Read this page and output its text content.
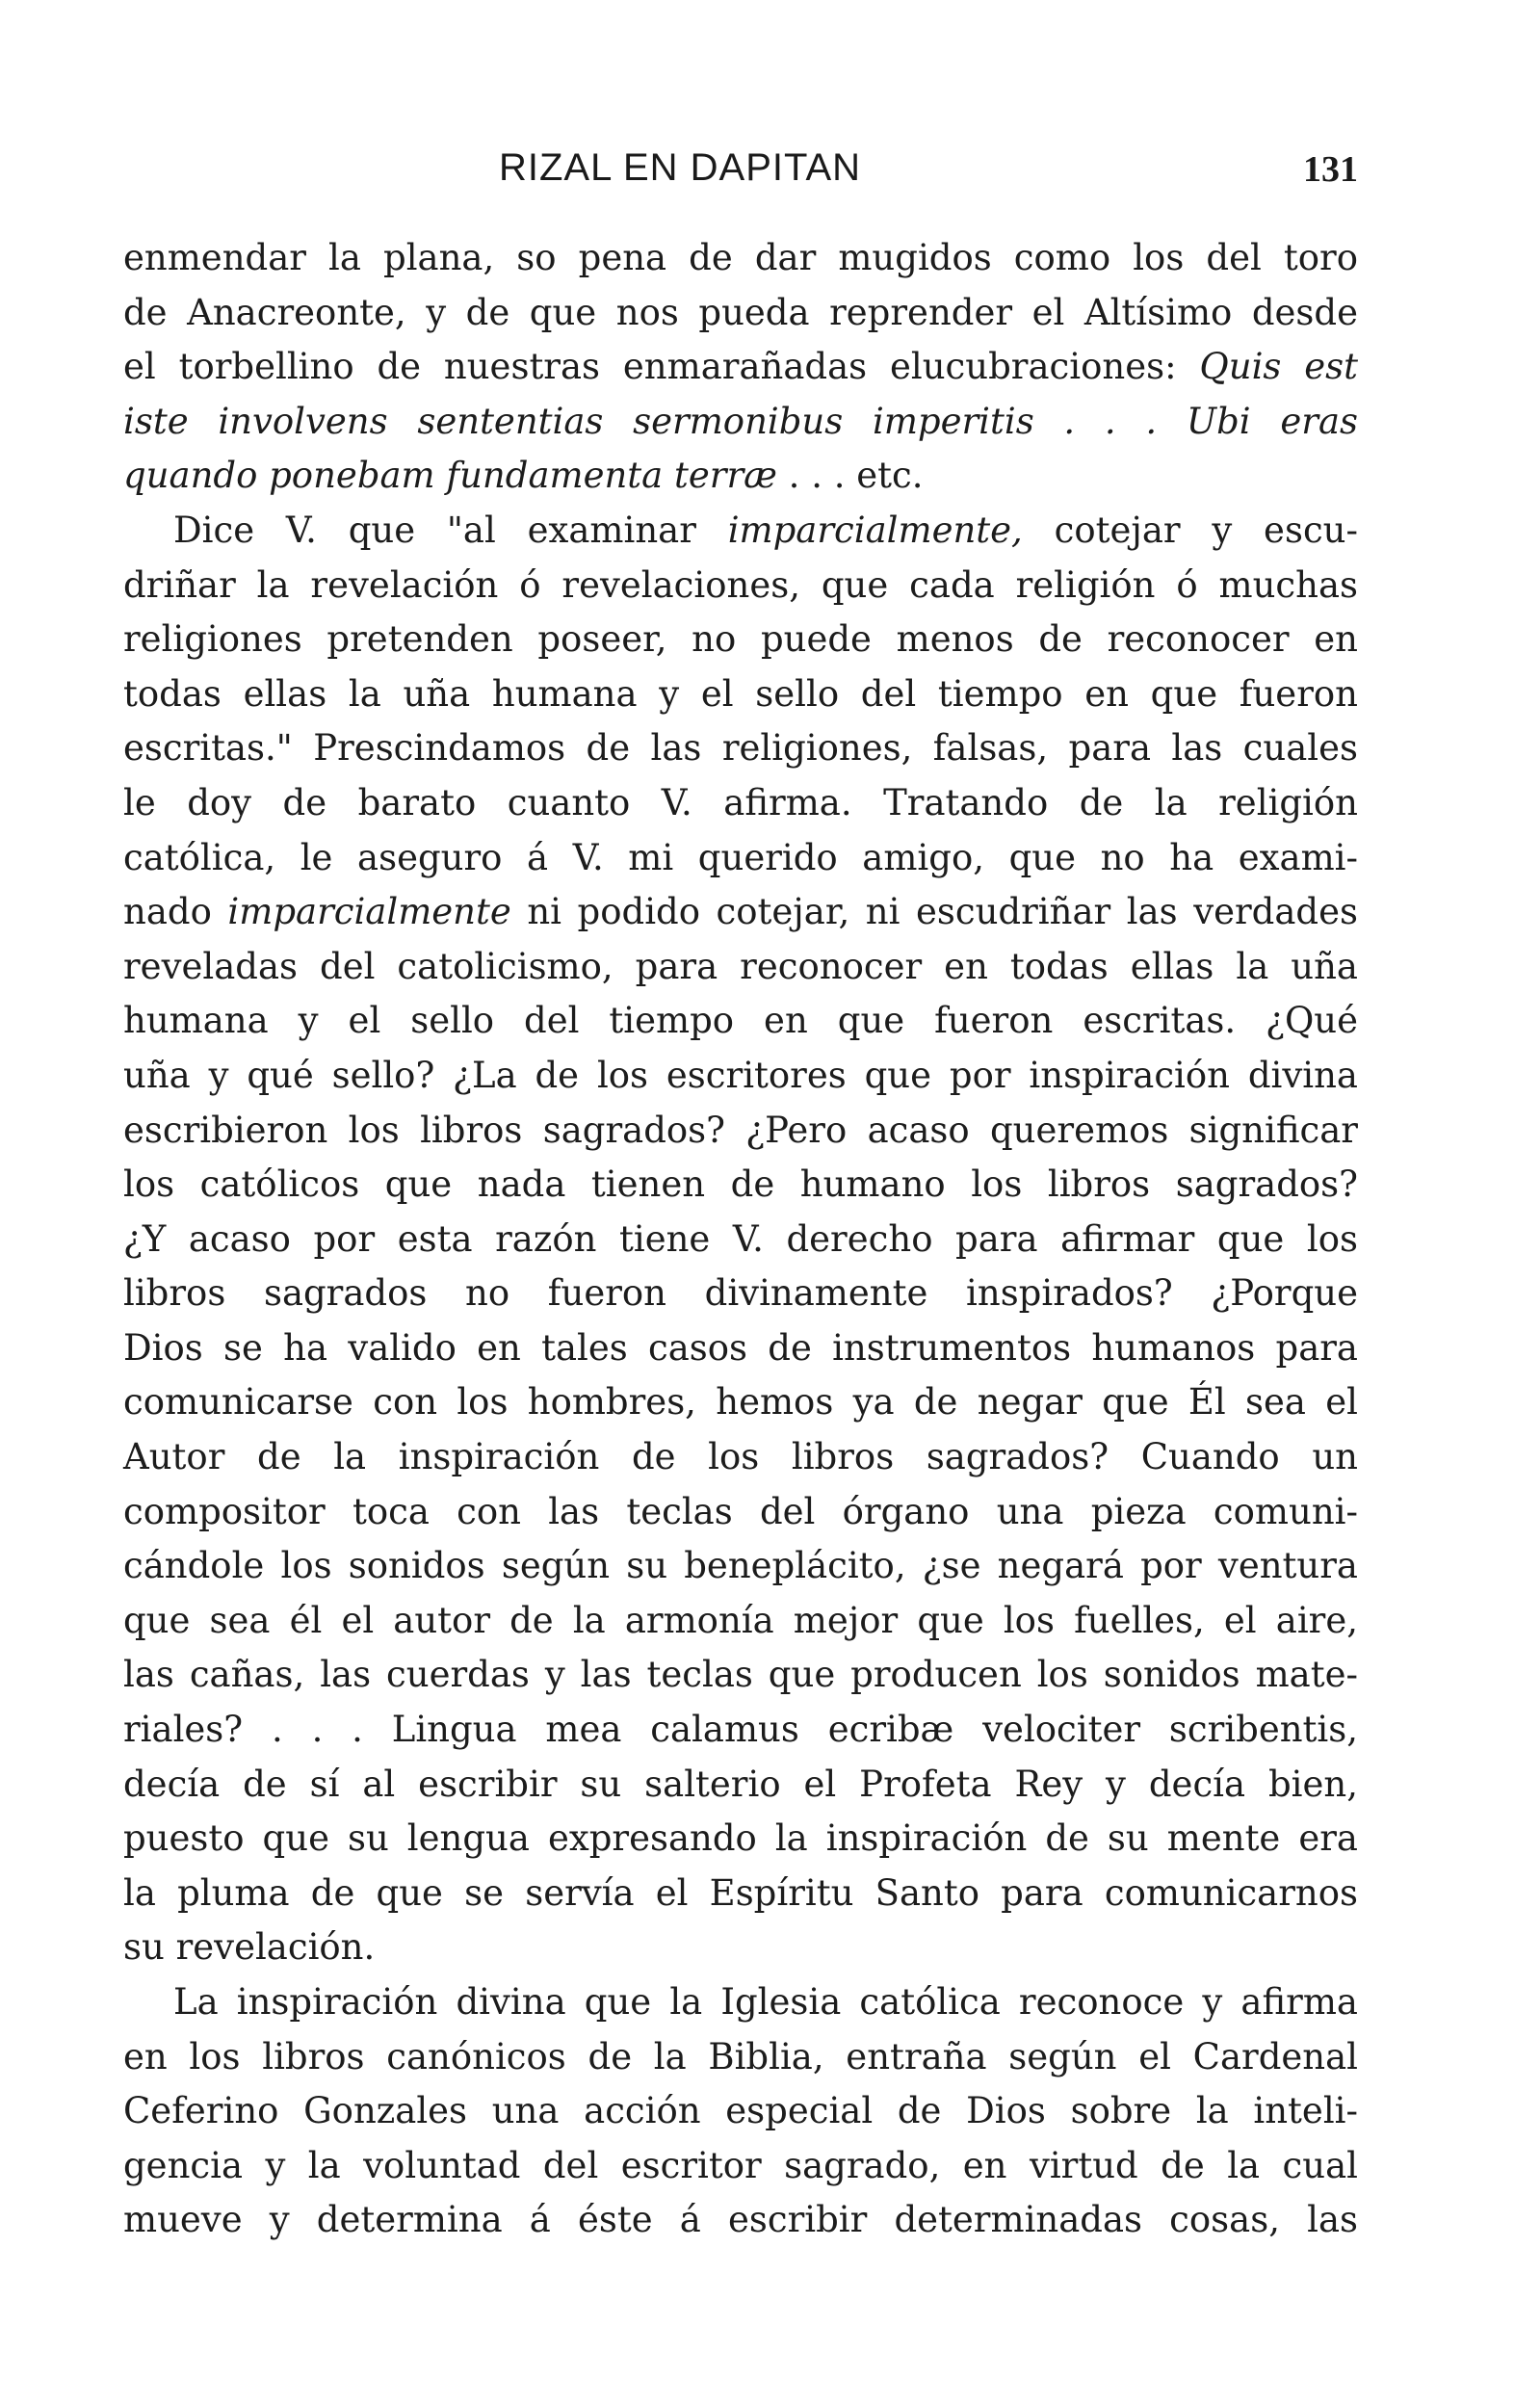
RIZAL EN DAPITAN	131
enmendar la plana, so pena de dar mugidos como los del toro
de Anacreonte, y de que nos pueda reprender el Altísimo desde
el torbellino de nuestras enmarañadas elucubraciones: Quis est
iste involvens sententias sermonibus imperitis . . . Ubi eras
quando ponebam fundamenta terræ . . . etc.
Dice V. que "al examinar imparcialmente, cotejar y escu-
driñar la revelación ó revelaciones, que cada religión ó muchas
religiones pretenden poseer, no puede menos de reconocer en
todas ellas la uña humana y el sello del tiempo en que fueron
escritas." Prescindamos de las religiones, falsas, para las cuales
le doy de barato cuanto V. afirma. Tratando de la religión
católica, le aseguro á V. mi querido amigo, que no ha exami-
nado imparcialmente ni podido cotejar, ni escudriñar las verdades
reveladas del catolicismo, para reconocer en todas ellas la uña
humana y el sello del tiempo en que fueron escritas. ¿Qué
uña y qué sello? ¿La de los escritores que por inspiración divina
escribieron los libros sagrados? ¿Pero acaso queremos significar
los católicos que nada tienen de humano los libros sagrados?
¿Y acaso por esta razón tiene V. derecho para afirmar que los
libros sagrados no fueron divinamente inspirados? ¿Porque
Dios se ha valido en tales casos de instrumentos humanos para
comunicarse con los hombres, hemos ya de negar que Él sea el
Autor de la inspiración de los libros sagrados? Cuando un
compositor toca con las teclas del órgano una pieza comuni-
cándole los sonidos según su beneplácito, ¿se negará por ventura
que sea él el autor de la armonía mejor que los fuelles, el aire,
las cañas, las cuerdas y las teclas que producen los sonidos mate-
riales? . . . Lingua mea calamus ecribæ velociter scribentis,
decía de sí al escribir su salterio el Profeta Rey y decía bien,
puesto que su lengua expresando la inspiración de su mente era
la pluma de que se servía el Espíritu Santo para comunicarnos
su revelación.
La inspiración divina que la Iglesia católica reconoce y afirma
en los libros canónicos de la Biblia, entraña según el Cardenal
Ceferino Gonzales una acción especial de Dios sobre la inteli-
gencia y la voluntad del escritor sagrado, en virtud de la cual
mueve y determina á éste á escribir determinadas cosas, las
